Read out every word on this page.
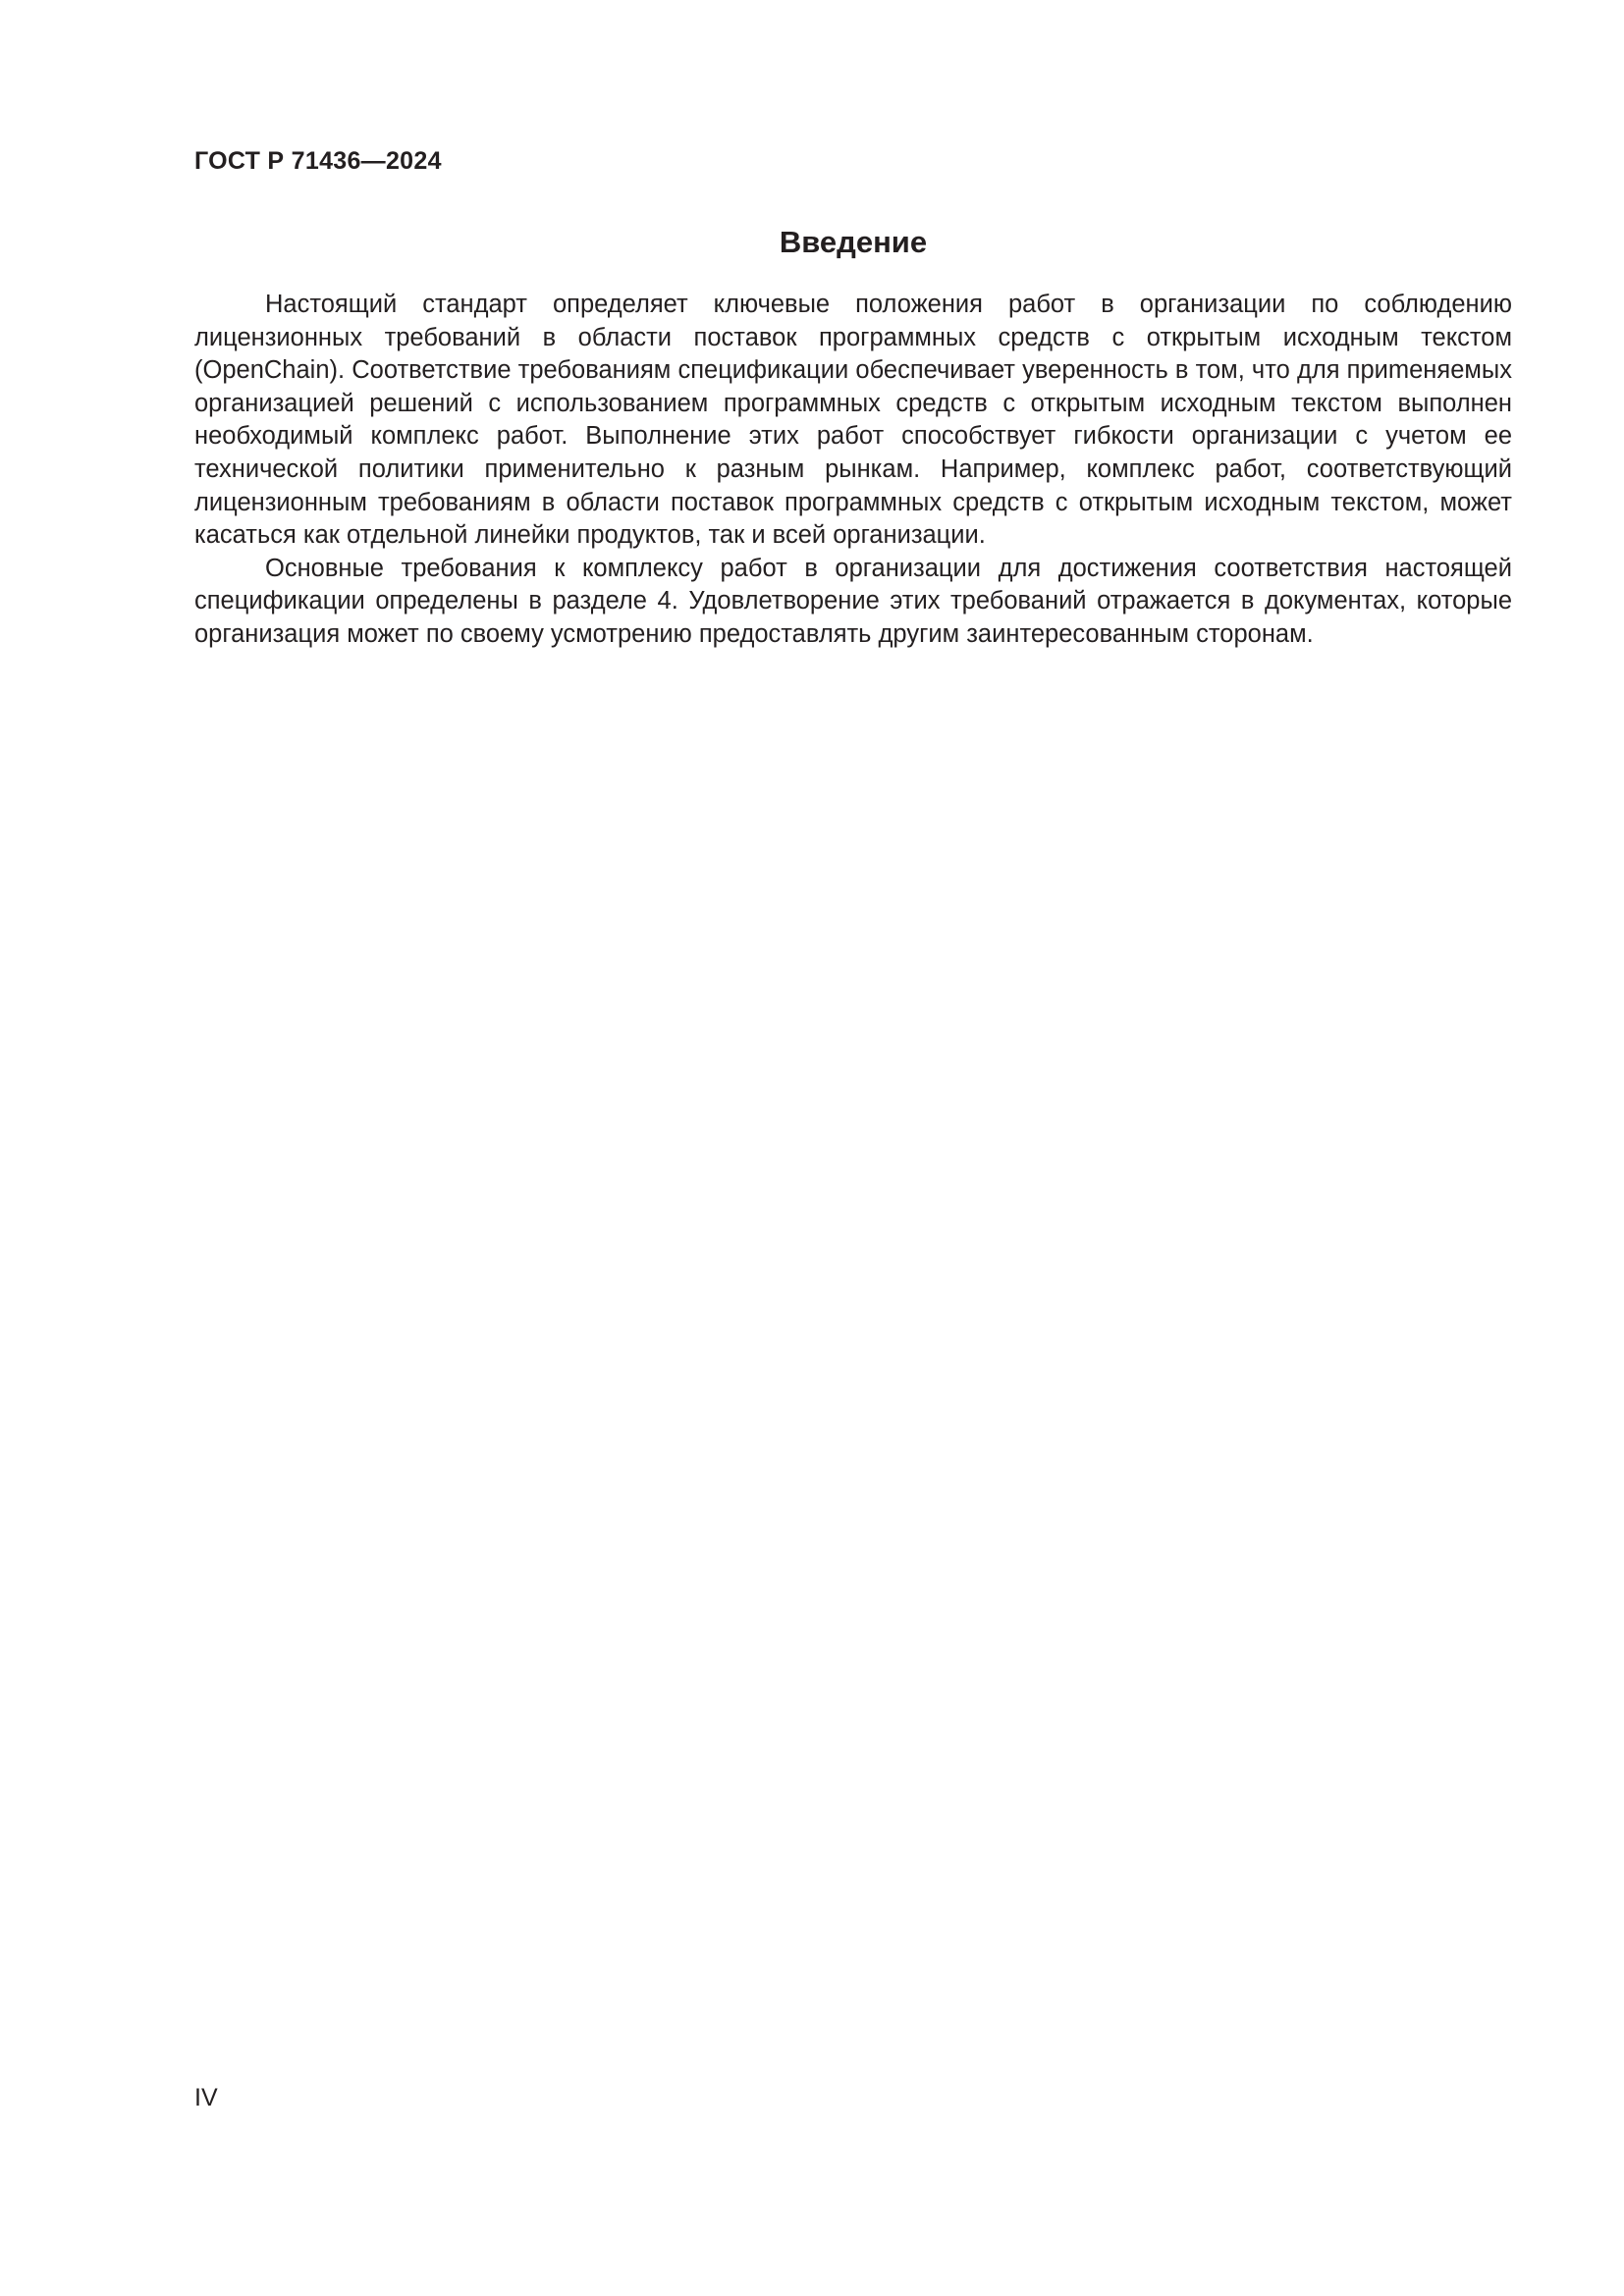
ГОСТ Р 71436—2024
Введение

Настоящий стандарт определяет ключевые положения работ в организации по соблюдению лицензионных требований в области поставок программных средств с открытым исходным текстом (OpenChain). Соответствие требованиям спецификации обеспечивает уверенность в том, что для приmеняемых организацией решений с использованием программных средств с открытым исходным текстом выполнен необходимый комплекс работ. Выполнение этих работ способствует гибкости организации с учетом ее технической политики применительно к разным рынкам. Например, комплекс работ, соответствующий лицензионным требованиям в области поставок программных средств с открытым исходным текстом, может касаться как отдельной линейки продуктов, так и всей организации.

Основные требования к комплексу работ в организации для достижения соответствия настоящей спецификации определены в разделе 4. Удовлетворение этих требований отражается в документах, которые организация может по своему усмотрению предоставлять другим заинтересованным сторонам.

IV
